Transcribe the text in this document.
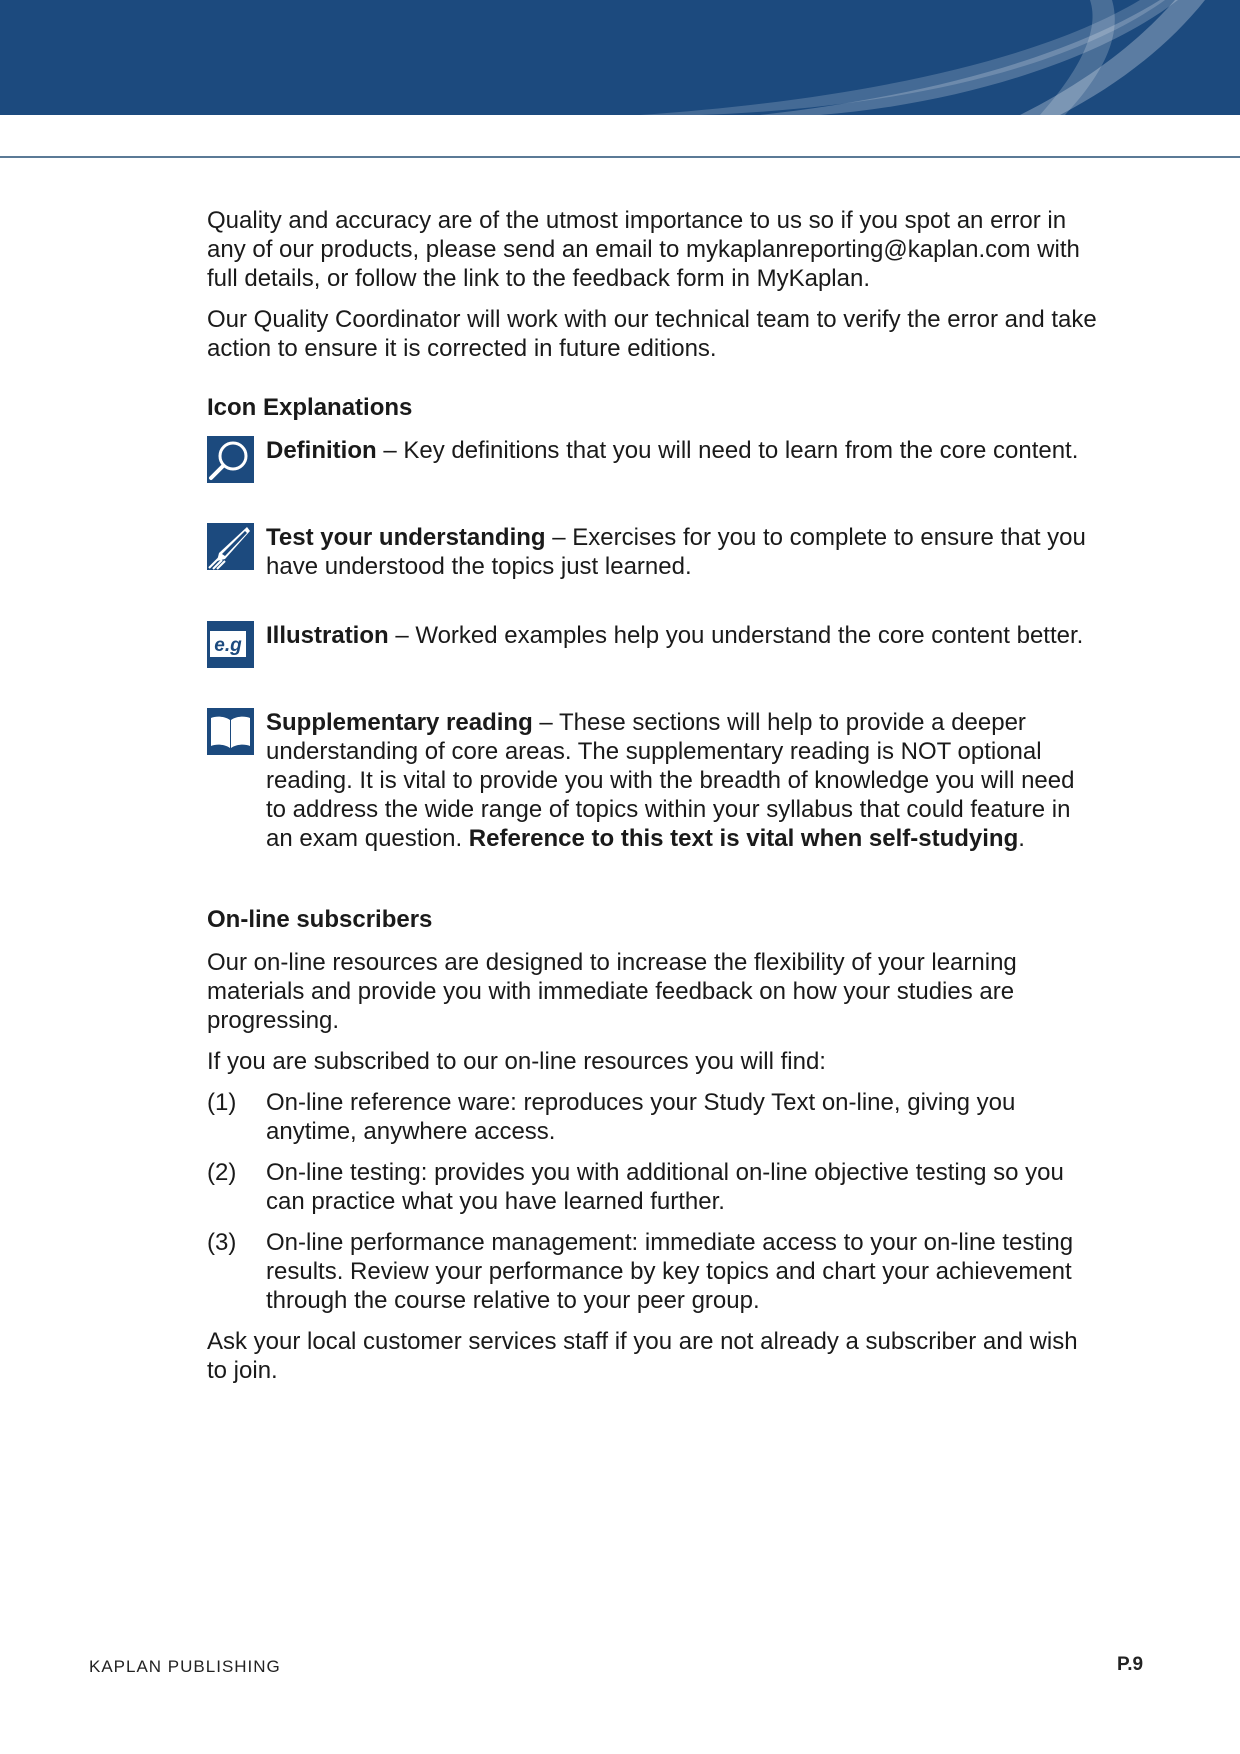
Quality and accuracy are of the utmost importance to us so if you spot an error in any of our products, please send an email to mykaplanreporting@kaplan.com with full details, or follow the link to the feedback form in MyKaplan.

Our Quality Coordinator will work with our technical team to verify the error and take action to ensure it is corrected in future editions.

Icon Explanations
Definition – Key definitions that you will need to learn from the core content.
Test your understanding – Exercises for you to complete to ensure that you have understood the topics just learned.
e.g Illustration – Worked examples help you understand the core content better.
Supplementary reading – These sections will help to provide a deeper understanding of core areas. The supplementary reading is NOT optional reading. It is vital to provide you with the breadth of knowledge you will need to address the wide range of topics within your syllabus that could feature in an exam question. Reference to this text is vital when self-studying.
On-line subscribers

Our on-line resources are designed to increase the flexibility of your learning materials and provide you with immediate feedback on how your studies are progressing.

If you are subscribed to our on-line resources you will find:

(1)	On-line reference ware: reproduces your Study Text on-line, giving you anytime, anywhere access.
(2)	On-line testing: provides you with additional on-line objective testing so you can practice what you have learned further.
(3)	On-line performance management: immediate access to your on-line testing results. Review your performance by key topics and chart your achievement through the course relative to your peer group.

Ask your local customer services staff if you are not already a subscriber and wish to join.

KAPLAN PUBLISHING	P.9
